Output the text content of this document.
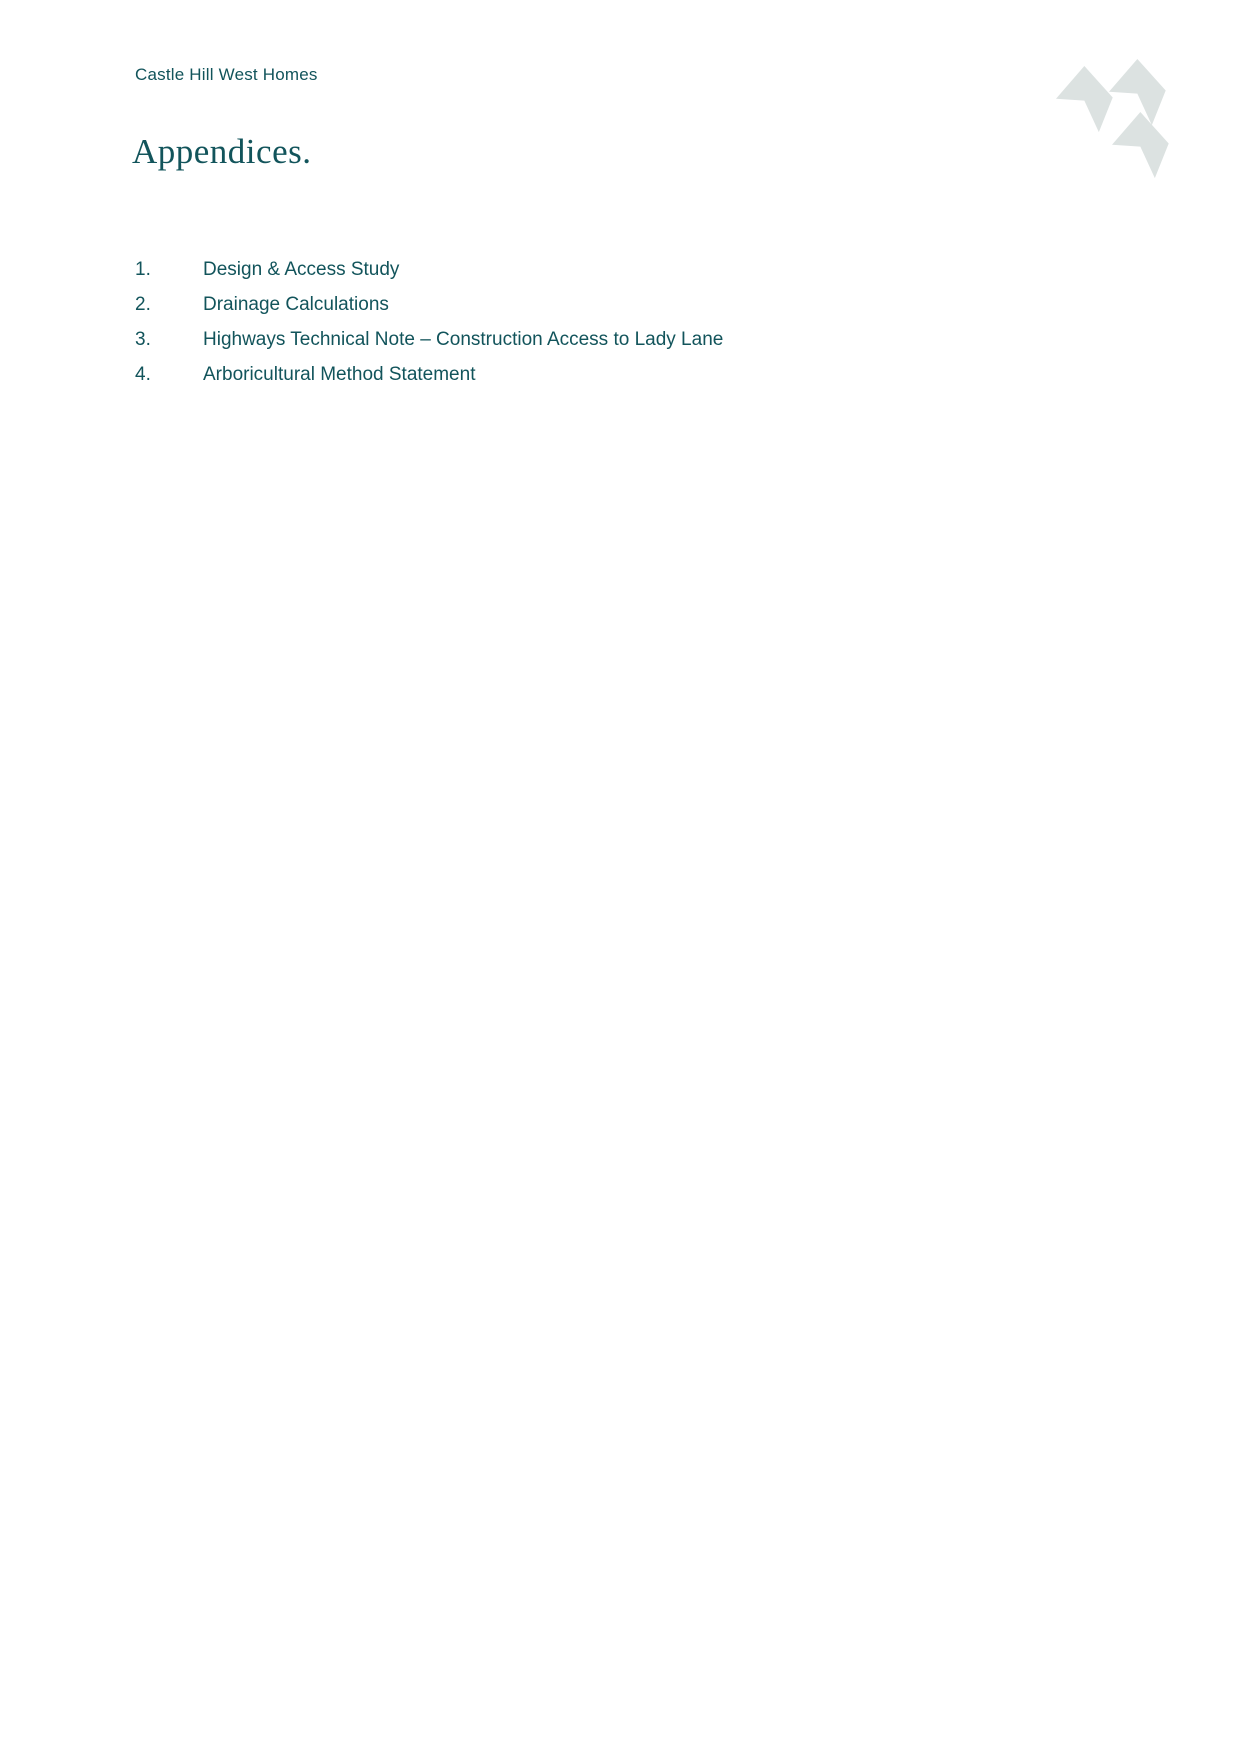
Castle Hill West Homes
Appendices.
1.	Design & Access Study
2.	Drainage Calculations
3.	Highways Technical Note – Construction Access to Lady Lane
4.	Arboricultural Method Statement
